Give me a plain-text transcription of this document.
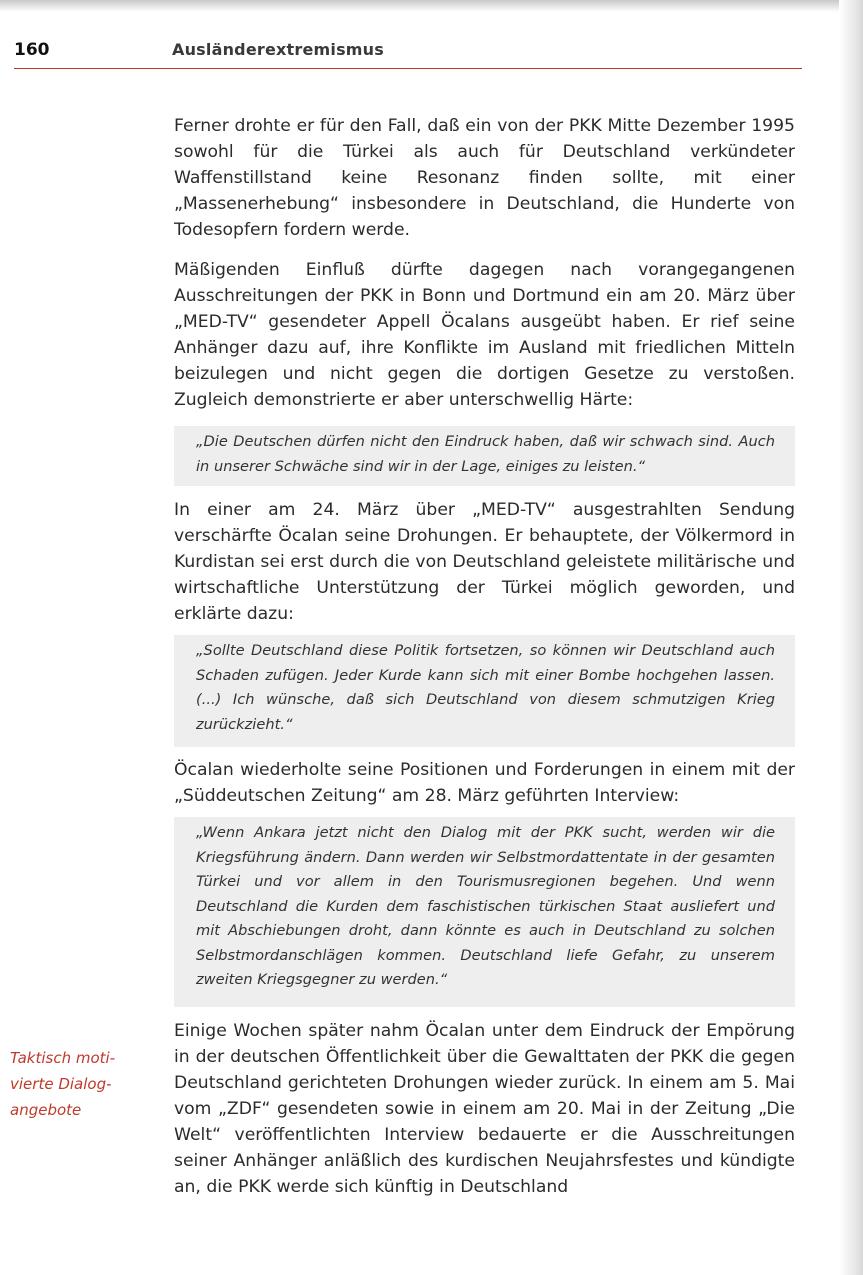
160	Ausländerextremismus

Ferner drohte er für den Fall, daß ein von der PKK Mitte Dezember 1995 sowohl für die Türkei als auch für Deutschland verkündeter Waffenstillstand keine Resonanz finden sollte, mit einer „Massenerhebung“ insbesondere in Deutschland, die Hunderte von Todesopfern fordern werde.

Mäßigenden Einfluß dürfte dagegen nach vorangegangenen Ausschreitungen der PKK in Bonn und Dortmund ein am 20. März über „MED-TV“ gesendeter Appell Öcalans ausgeübt haben. Er rief seine Anhänger dazu auf, ihre Konflikte im Ausland mit friedlichen Mitteln beizulegen und nicht gegen die dortigen Gesetze zu verstoßen. Zugleich demonstrierte er aber unterschwellig Härte:

„Die Deutschen dürfen nicht den Eindruck haben, daß wir schwach sind. Auch in unserer Schwäche sind wir in der Lage, einiges zu leisten.“

In einer am 24. März über „MED-TV“ ausgestrahlten Sendung verschärfte Öcalan seine Drohungen. Er behauptete, der Völkermord in Kurdistan sei erst durch die von Deutschland geleistete militärische und wirtschaftliche Unterstützung der Türkei möglich geworden, und erklärte dazu:

„Sollte Deutschland diese Politik fortsetzen, so können wir Deutschland auch Schaden zufügen. Jeder Kurde kann sich mit einer Bombe hochgehen lassen. (...) Ich wünsche, daß sich Deutschland von diesem schmutzigen Krieg zurückzieht.“

Öcalan wiederholte seine Positionen und Forderungen in einem mit der „Süddeutschen Zeitung“ am 28. März geführten Interview:

„Wenn Ankara jetzt nicht den Dialog mit der PKK sucht, werden wir die Kriegsführung ändern. Dann werden wir Selbstmordattentate in der gesamten Türkei und vor allem in den Tourismusregionen begehen. Und wenn Deutschland die Kurden dem faschistischen türkischen Staat ausliefert und mit Abschiebungen droht, dann könnte es auch in Deutschland zu solchen Selbstmordanschlägen kommen. Deutschland liefe Gefahr, zu unserem zweiten Kriegsgegner zu werden.“

Einige Wochen später nahm Öcalan unter dem Eindruck der Empörung in der deutschen Öffentlichkeit über die Gewalttaten der PKK die gegen Deutschland gerichteten Drohungen wieder zurück. In einem am 5. Mai vom „ZDF“ gesendeten sowie in einem am 20. Mai in der Zeitung „Die Welt“ veröffentlichten Interview bedauerte er die Ausschreitungen seiner Anhänger anläßlich des kurdischen Neujahrsfestes und kündigte an, die PKK werde sich künftig in Deutschland

Taktisch moti-
vierte Dialog-
angebote
